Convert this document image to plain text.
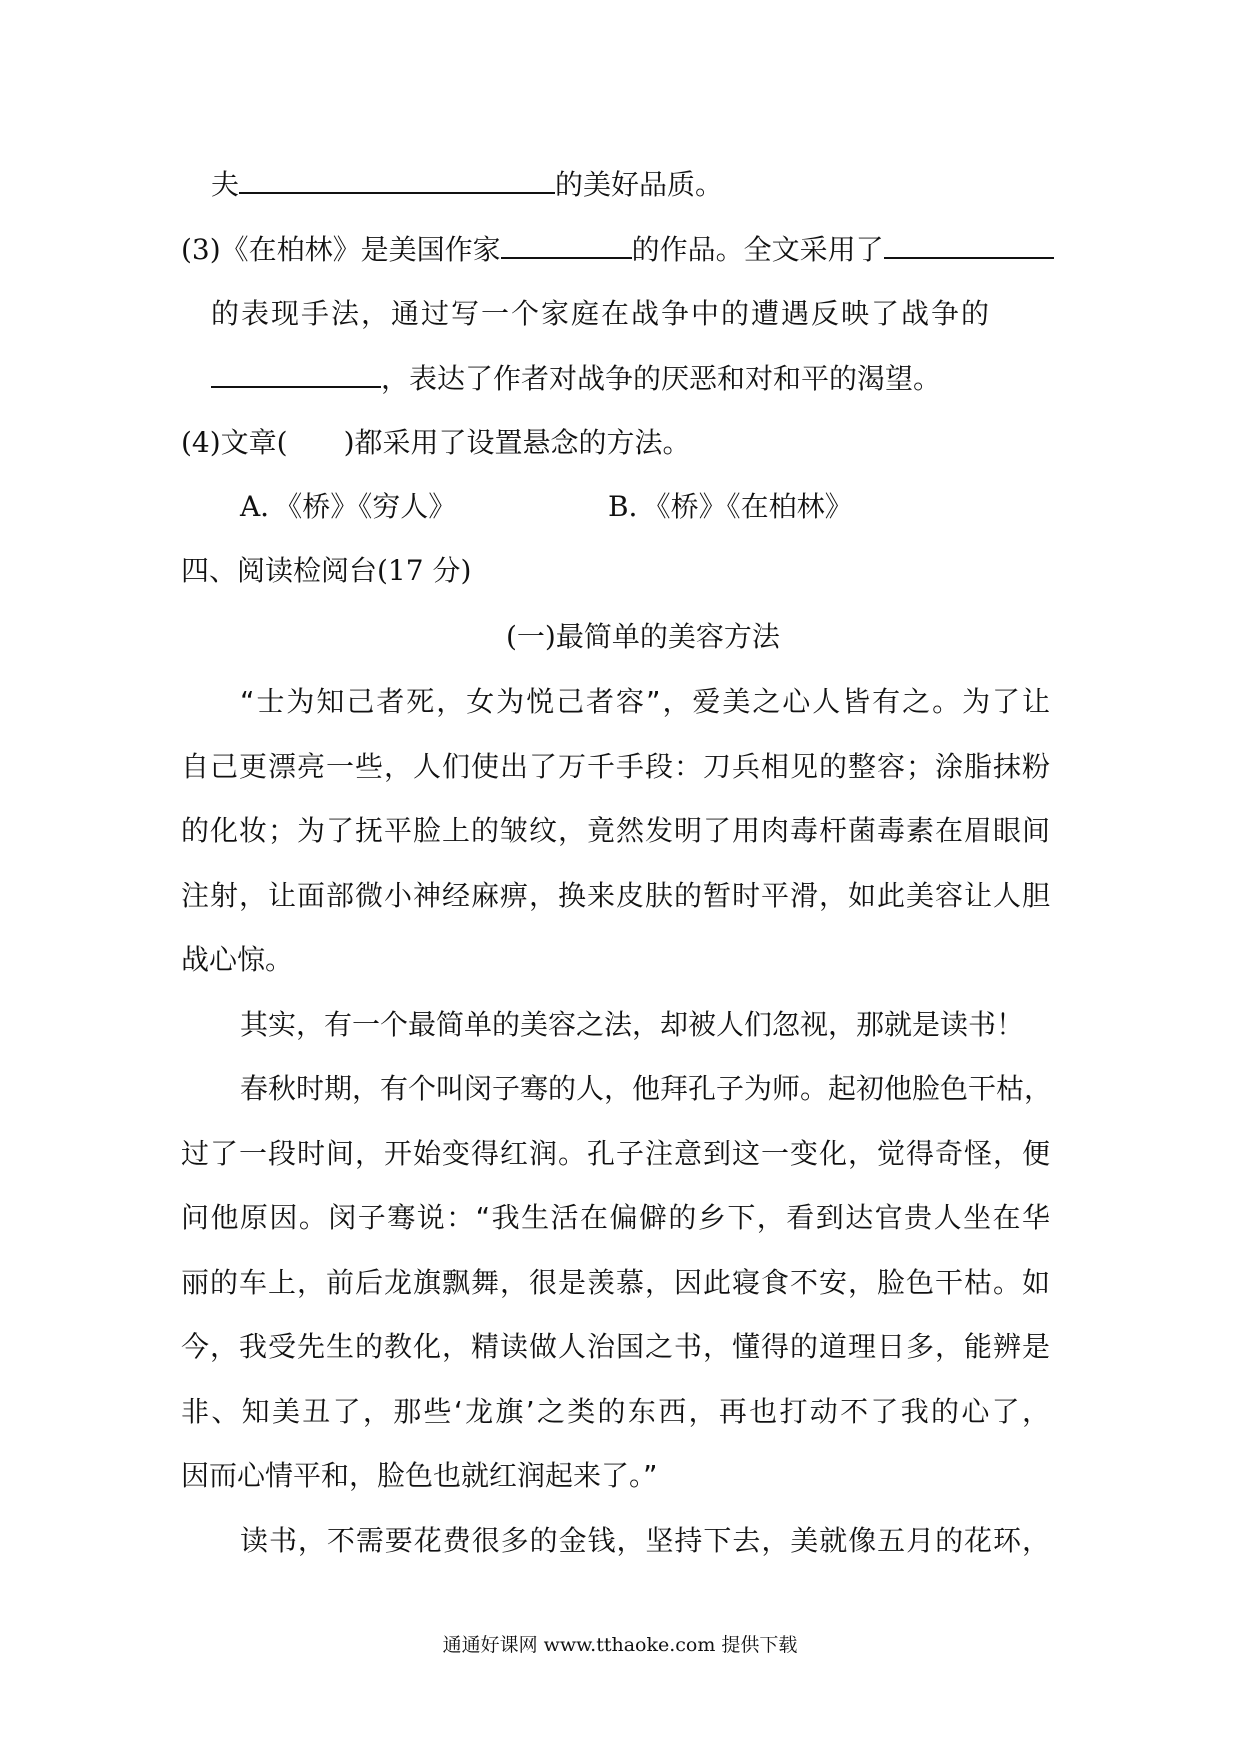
夫	的美好品质。
(3)《在柏林》是美国作家	的作品。全文采用了
的表现手法，通过写一个家庭在战争中的遭遇反映了战争的
，表达了作者对战争的厌恶和对和平的渴望。
(4)文章(　　)都采用了设置悬念的方法。
A．《桥》《穷人》	B．《桥》《在柏林》
四、阅读检阅台(17 分)
(一)最简单的美容方法
“士为知己者死，女为悦己者容”，爱美之心人皆有之。为了让
自己更漂亮一些，人们使出了万千手段：刀兵相见的整容；涂脂抹粉
的化妆；为了抚平脸上的皱纹，竟然发明了用肉毒杆菌毒素在眉眼间
注射，让面部微小神经麻痹，换来皮肤的暂时平滑，如此美容让人胆
战心惊。
其实，有一个最简单的美容之法，却被人们忽视，那就是读书！
春秋时期，有个叫闵子骞的人，他拜孔子为师。起初他脸色干枯，
过了一段时间，开始变得红润。孔子注意到这一变化，觉得奇怪，便
问他原因。闵子骞说：“我生活在偏僻的乡下，看到达官贵人坐在华
丽的车上，前后龙旗飘舞，很是羡慕，因此寝食不安，脸色干枯。如
今，我受先生的教化，精读做人治国之书，懂得的道理日多，能辨是
非、知美丑了，那些‘龙旗’之类的东西，再也打动不了我的心了，
因而心情平和，脸色也就红润起来了。”
读书，不需要花费很多的金钱，坚持下去，美就像五月的花环，
通通好课网 www.tthaoke.com 提供下载
